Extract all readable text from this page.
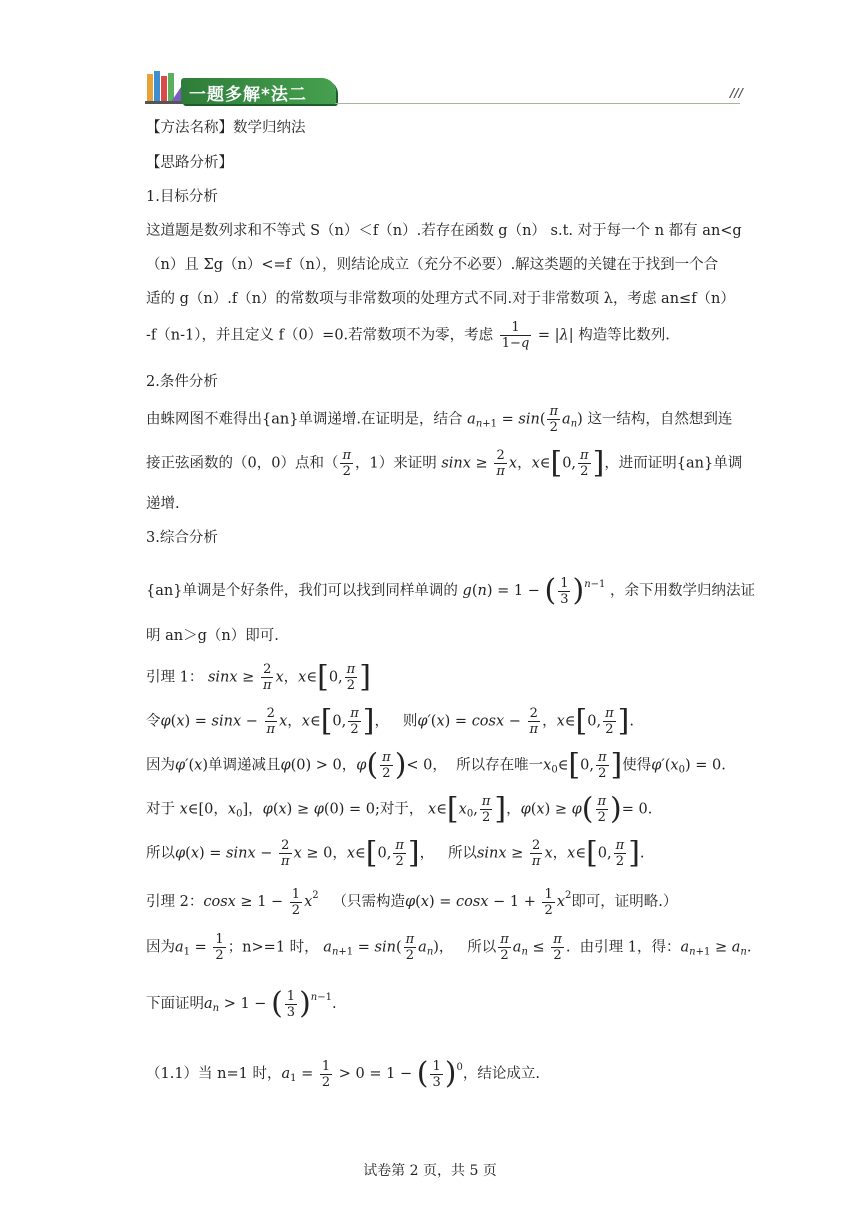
一题多解*法二	///
【方法名称】数学归纳法
【思路分析】
1.目标分析
这道题是数列求和不等式 S（n）＜f（n）.若存在函数 g（n） s.t. 对于每一个 n 都有 an<g
（n）且 Σg（n）<=f（n），则结论成立（充分不必要）.解这类题的关键在于找到一个合
适的 g（n）.f（n）的常数项与非常数项的处理方式不同.对于非常数项 λ，考虑 an≤f（n）
-f（n-1），并且定义 f（0）=0.若常数项不为零，考虑 $\frac{1}{1-q} = |\lambda|$ 构造等比数列.
2.条件分析
由蛛网图不难得出{an}单调递增.在证明是，结合 $a_{n+1} = \sin( \frac{\pi}{2} a_n)$ 这一结构，自然想到连
接正弦函数的（0，0）点和（ $\frac{\pi}{2}$ ，1）来证明 $\sin x \ge \frac{2}{\pi}$ x，x∈[0, $\frac{\pi}{2}$ ]，进而证明{an}单调
递增.
3.综合分析
{an}单调是个好条件，我们可以找到同样单调的 g(n) = 1 − ( $\frac{1}{3} )^{n-1}$ ，余下用数学归纳法证
明 an＞g（n）即可.
引理 1： $\sin x \ge \frac{2}{\pi}$ x，x∈[0, $\frac{\pi}{2}$ ]
令$\varphi(x) = \sin x - \frac{2}{\pi}$ x，x∈[0, $\frac{\pi}{2}$ ]，   则$\varphi'(x) = \cos x - \frac{2}{\pi}$ ，x∈[0, $\frac{\pi}{2}$ ].
因为φ′(x)单调递减且φ(0) > 0，$\varphi( \frac{\pi}{2}$ )< 0，  所以存在唯一$x_0\in[0$, $\frac{\pi}{2}$ ]使得$\varphi'(x_0) = 0$.
对于 x∈[0，$x_0$]，φ(x) ≥ φ(0) = 0;对于， $x\in[x_0$, $\frac{\pi}{2}$ ]，$\varphi(x) \ge \varphi( \frac{\pi}{2}$ )= 0.
所以$\varphi(x) = \sin x - \frac{2}{\pi}$ x ≥ 0，x∈[0, $\frac{\pi}{2}$ ]，   所以$\sin x \ge \frac{2}{\pi}$ x，x∈[0, $\frac{\pi}{2}$ ].
引理 2：$\cos x \ge 1 - \frac{1}{2} x^2$ （只需构造$\varphi(x) = \cos x - 1 + \frac{1}{2} x^2$即可，证明略.）
因为$a_1 = \frac{1}{2}$ ；n>=1 时， $a_{n+1} = \sin( \frac{\pi}{2} a_n)$，   所以 $\frac{\pi}{2} a_n \le \frac{\pi}{2}$ .  由引理 1，得：$a_{n+1} \ge a_n$.
下面证明$a_n > 1$ − ( $\frac{1}{3} )^{n-1}$.
（1.1）当 n=1 时，$a_1 = \frac{1}{2} > 0 = 1$ − ( $\frac{1}{3} )^0$，结论成立.
试卷第 2 页，共 5 页
